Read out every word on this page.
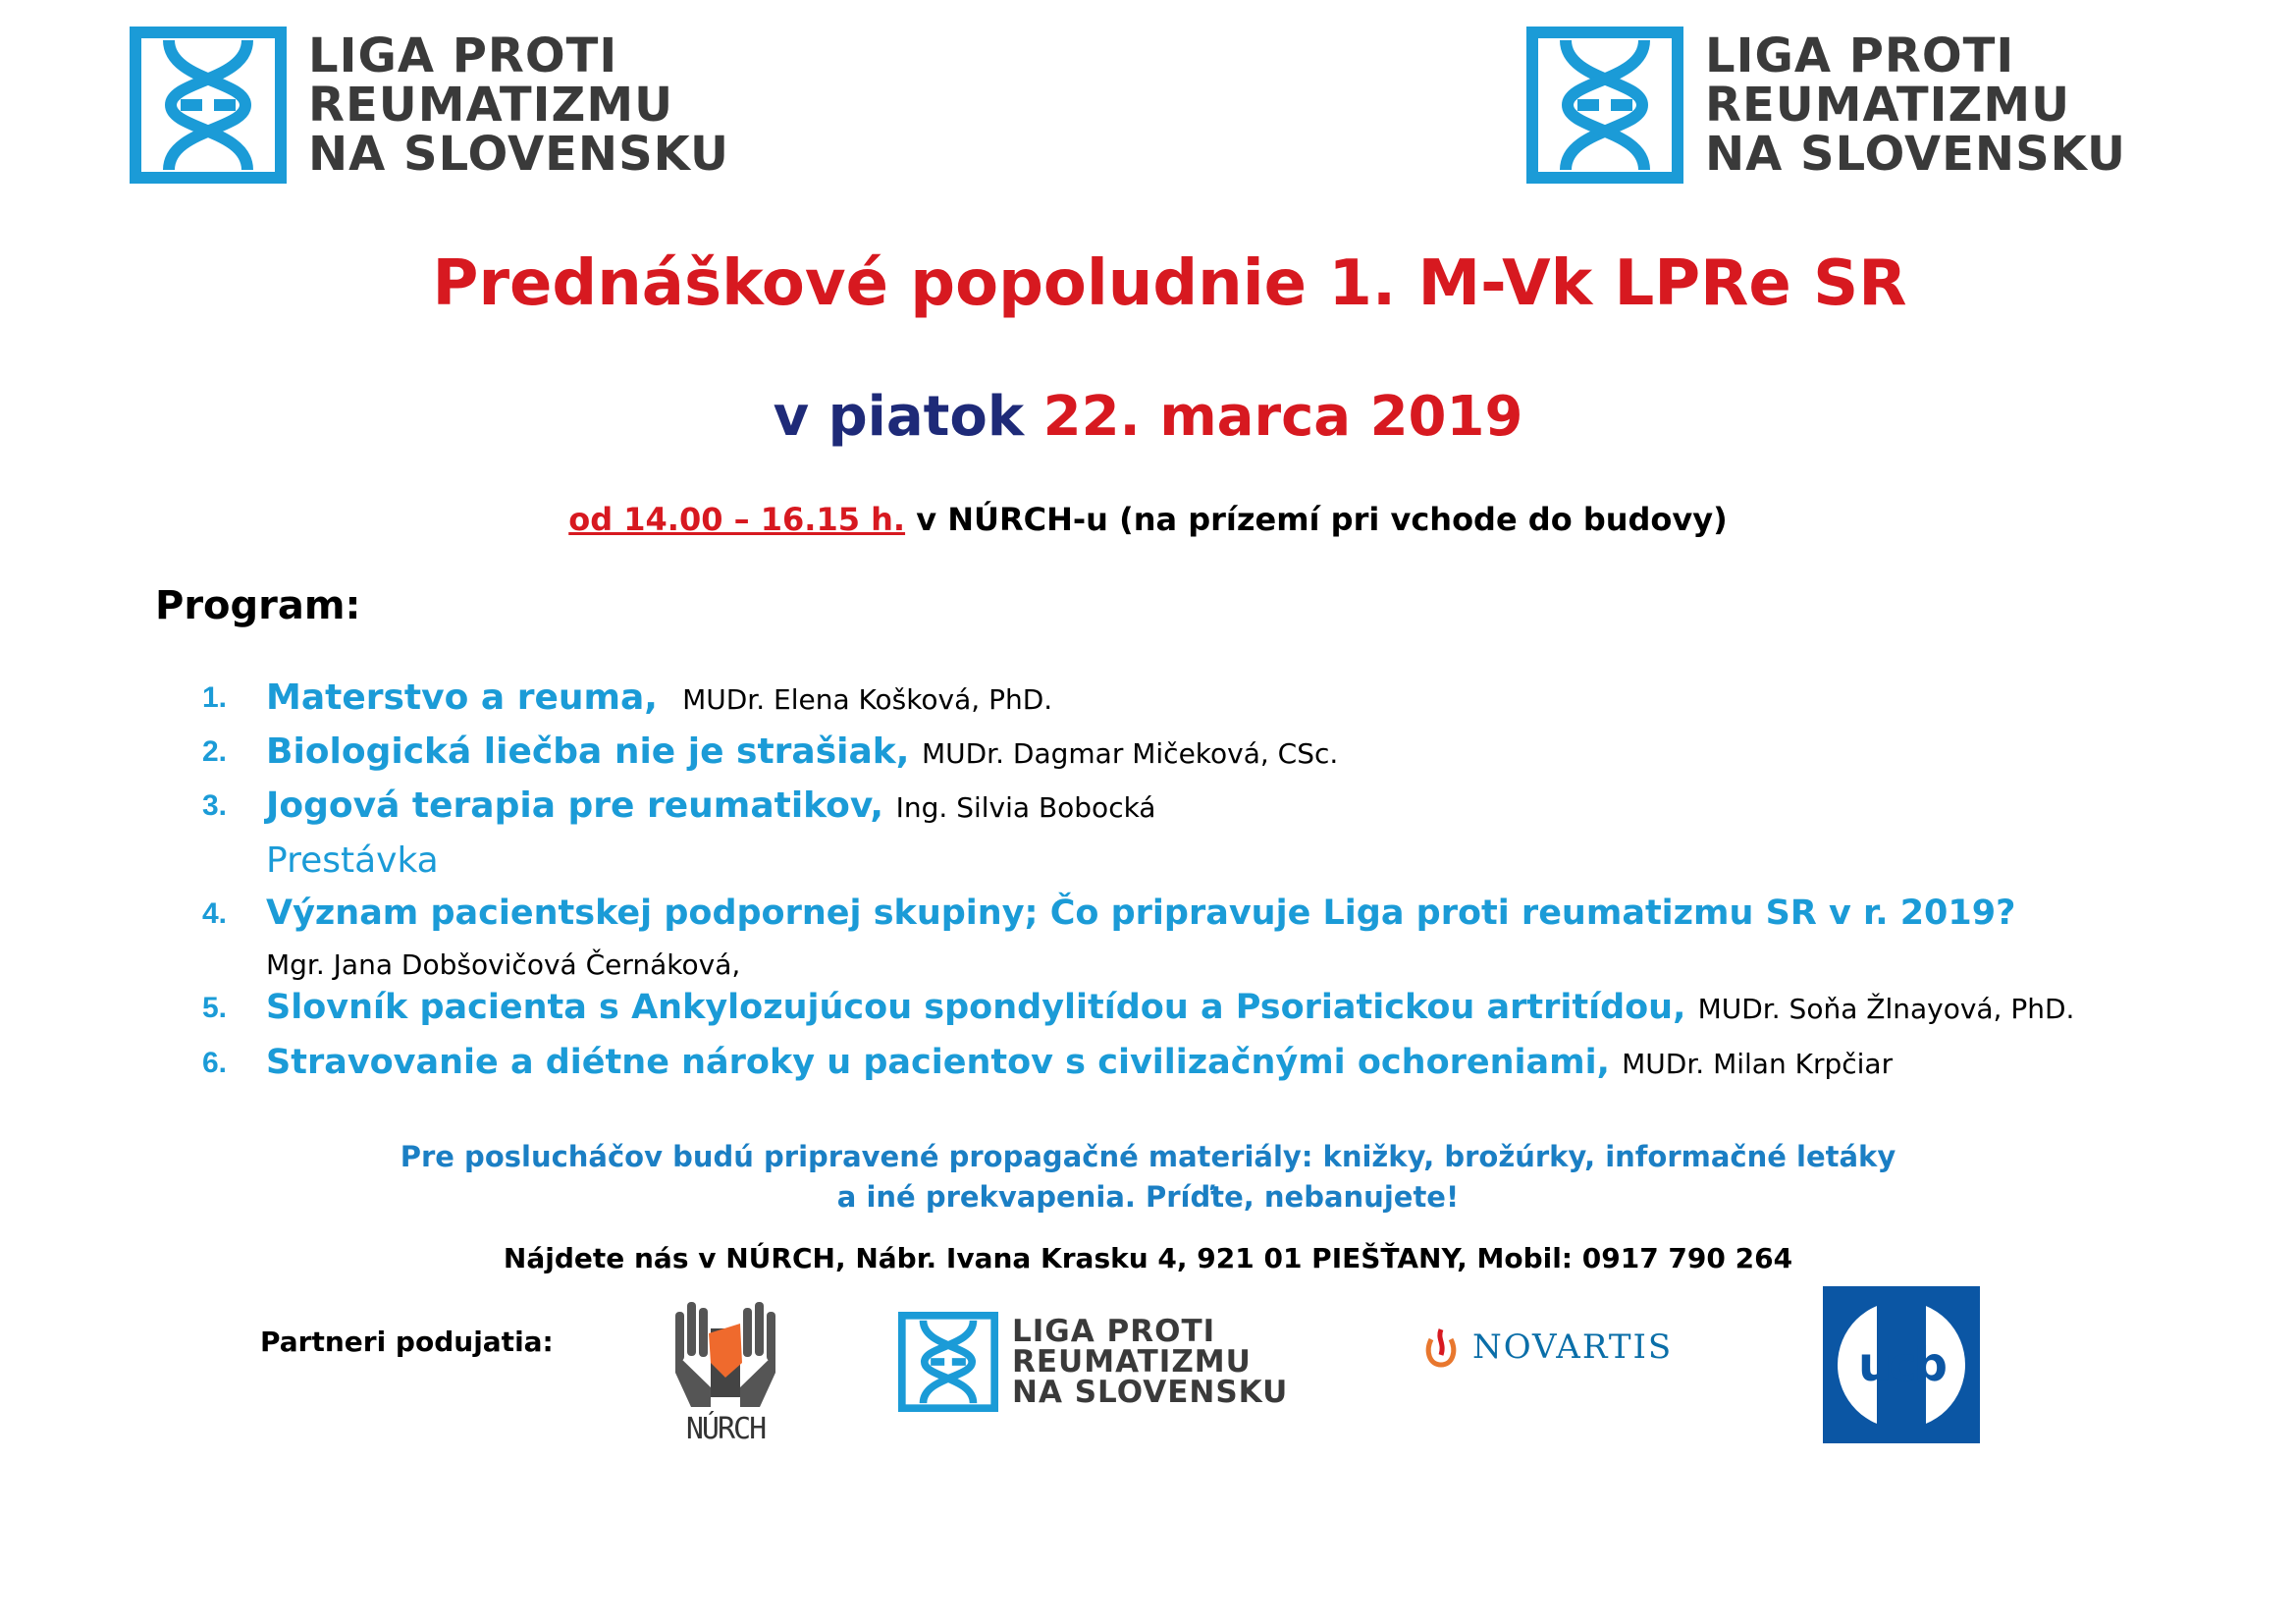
LIGA PROTI
REUMATIZMU
NA SLOVENSKU
LIGA PROTI
REUMATIZMU
NA SLOVENSKU
Prednáškové popoludnie 1. M-Vk LPRe SR
v piatok 22. marca 2019
od 14.00 – 16.15 h. v NÚRCH-u (na prízemí pri vchode do budovy)
Program:
1.	Materstvo a reuma, MUDr. Elena Košková, PhD.
2.	Biologická liečba nie je strašiak, MUDr. Dagmar Mičeková, CSc.
3.	Jogová terapia pre reumatikov, Ing. Silvia Bobocká
Prestávka
4.	Význam pacientskej podpornej skupiny; Čo pripravuje Liga proti reumatizmu SR v r. 2019?
Mgr. Jana Dobšovičová Černáková,
5.	Slovník pacienta s Ankylozujúcou spondylitídou a Psoriatickou artritídou, MUDr. Soňa Žlnayová, PhD.
6.	Stravovanie a diétne nároky u pacientov s civilizačnými ochoreniami, MUDr. Milan Krpčiar
Pre poslucháčov budú pripravené propagačné materiály: knižky, brožúrky, informačné letáky
a iné prekvapenia. Príďte, nebanujete!
Nájdete nás v NÚRCH, Nábr. Ivana Krasku 4, 921 01 PIEŠŤANY, Mobil: 0917 790 264
Partneri podujatia:
NÚRCH
LIGA PROTI
REUMATIZMU
NA SLOVENSKU
NOVARTIS	ucb
